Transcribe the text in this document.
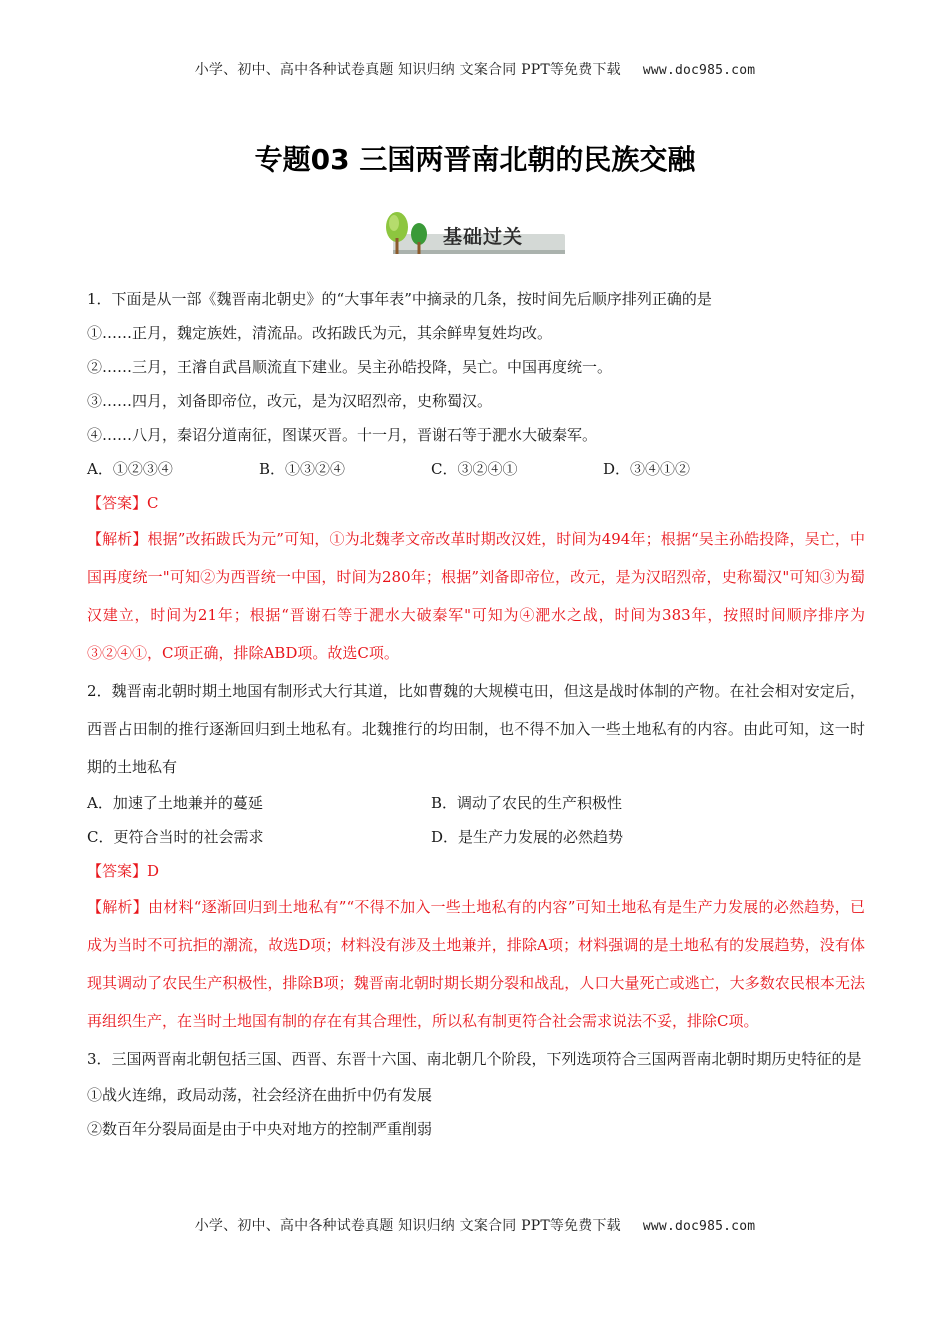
小学、初中、高中各种试卷真题 知识归纳 文案合同 PPT等免费下载 www.doc985.com
专题03 三国两晋南北朝的民族交融
基础过关

1．下面是从一部《魏晋南北朝史》的“大事年表”中摘录的几条，按时间先后顺序排列正确的是

①……正月，魏定族姓，清流品。改拓跋氏为元，其余鲜卑复姓均改。

②……三月，王濬自武昌顺流直下建业。吴主孙皓投降，吴亡。中国再度统一。

③……四月，刘备即帝位，改元，是为汉昭烈帝，史称蜀汉。

④……八月，秦诏分道南征，图谋灭晋。十一月，晋谢石等于淝水大破秦军。

A．①②③④	B．①③②④	C．③②④①	D．③④①②

【答案】C

【解析】根据”改拓跋氏为元”可知，①为北魏孝文帝改革时期改汉姓，时间为494年；根据“吴主孙皓投降，吴亡，中国再度统一"可知②为西晋统一中国，时间为280年；根据”刘备即帝位，改元，是为汉昭烈帝，史称蜀汉"可知③为蜀汉建立，时间为21年；根据“晋谢石等于淝水大破秦军"可知为④淝水之战，时间为383年，按照时间顺序排序为③②④①，C项正确，排除ABD项。故选C项。

2．魏晋南北朝时期土地国有制形式大行其道，比如曹魏的大规模屯田，但这是战时体制的产物。在社会相对安定后，西晋占田制的推行逐渐回归到土地私有。北魏推行的均田制，也不得不加入一些土地私有的内容。由此可知，这一时期的土地私有

A．加速了土地兼并的蔓延	B．调动了农民的生产积极性
C．更符合当时的社会需求	D．是生产力发展的必然趋势

【答案】D

【解析】由材料“逐渐回归到土地私有”“不得不加入一些土地私有的内容”可知土地私有是生产力发展的必然趋势，已成为当时不可抗拒的潮流，故选D项；材料没有涉及土地兼并，排除A项；材料强调的是土地私有的发展趋势，没有体现其调动了农民生产积极性，排除B项；魏晋南北朝时期长期分裂和战乱，人口大量死亡或逃亡，大多数农民根本无法再组织生产，在当时土地国有制的存在有其合理性，所以私有制更符合社会需求说法不妥，排除C项。

3．三国两晋南北朝包括三国、西晋、东晋十六国、南北朝几个阶段，下列选项符合三国两晋南北朝时期历史特征的是

①战火连绵，政局动荡，社会经济在曲折中仍有发展

②数百年分裂局面是由于中央对地方的控制严重削弱

小学、初中、高中各种试卷真题 知识归纳 文案合同 PPT等免费下载 www.doc985.com
